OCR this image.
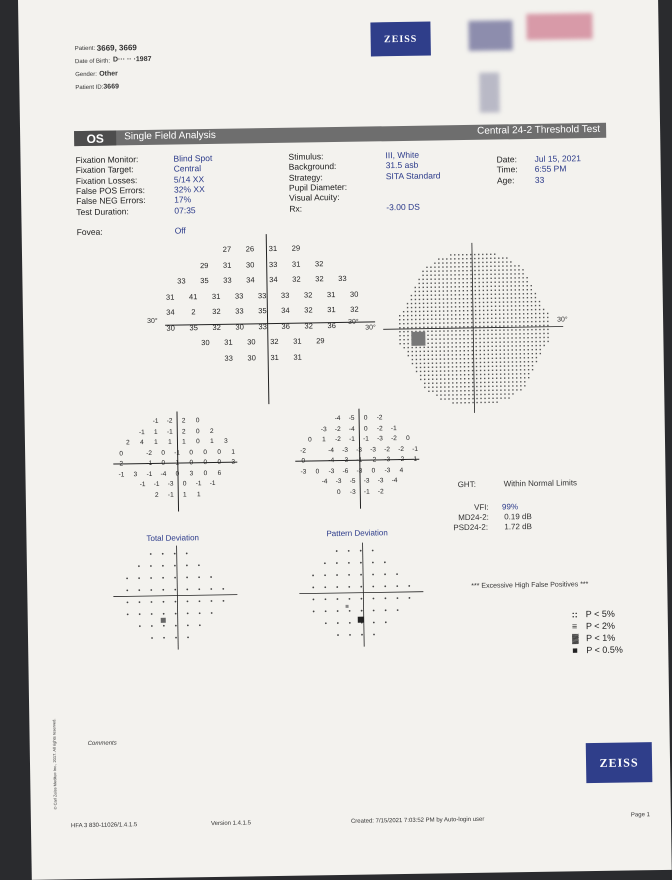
Patient: 3669, 3669
Date of Birth: D··· ·· ·1987
Gender: Other
Patient ID: 3669
ZEISS
OS	Single Field Analysis	Central 24-2 Threshold Test
Fixation Monitor:	Blind Spot
Fixation Target:	Central
Fixation Losses:	5/14 XX
False POS Errors:	32% XX
False NEG Errors:	17%
Test Duration:	07:35
Fovea:	Off
Stimulus:	III, White
Background:	31.5 asb
Strategy:	SITA Standard
Pupil Diameter:
Visual Acuity:
Rx:	-3.00 DS
Date: Jul 15, 2021
Time: 6:55 PM
Age: 33
30°
30°
27	26	31	29
29	31	30	33	31	32
33	35	33	34	34	32	32	33
31	41	31	33	33	33	32	31	30
34	2	32	33	35	34	32	31	32
30	35	32	30	33	36	32	36
30	31	30	32	31	29
33	30	31	31
30°	30°
-1	-2	2	0
-1	1	-1	2	0	2
2	4	1	1	1	0	1	3
0	-2	0	-1	0	0	0	1
2	-1	0	1	0	0	0	3
-1	3	-1	-4	0	3	0	6
-1	-1	-3	0	-1	-1
2	-1	1	1
-4	-5	0	-2
-3	-2	-4	0	-2	-1
0	1	-2	-1	-1	-3	-2	0
-2	-4	-3	-3	-3	-2	-2	-1
0	-4	-3	-1	-2	-3	-2	1
-3	0	-3	-6	-3	0	-3	4
-4	-3	-5	-3	-3	-4
0	-3	-1	-2
GHT:	Within Normal Limits
VFI: 99%
MD24-2: 0.19 dB
PSD24-2: 1.72 dB
Total Deviation	Pattern Deviation
*** Excessive High False Positives ***
:: P < 5%
≡ P < 2%
▓ P < 1%
■ P < 0.5%
Comments
© Carl Zeiss Meditec Inc., 2017. All rights reserved.	ZEISS
HFA 3 830-11026/1.4.1.5	Version 1.4.1.5	Created: 7/15/2021 7:03:52 PM by Auto-login user
Page 1
